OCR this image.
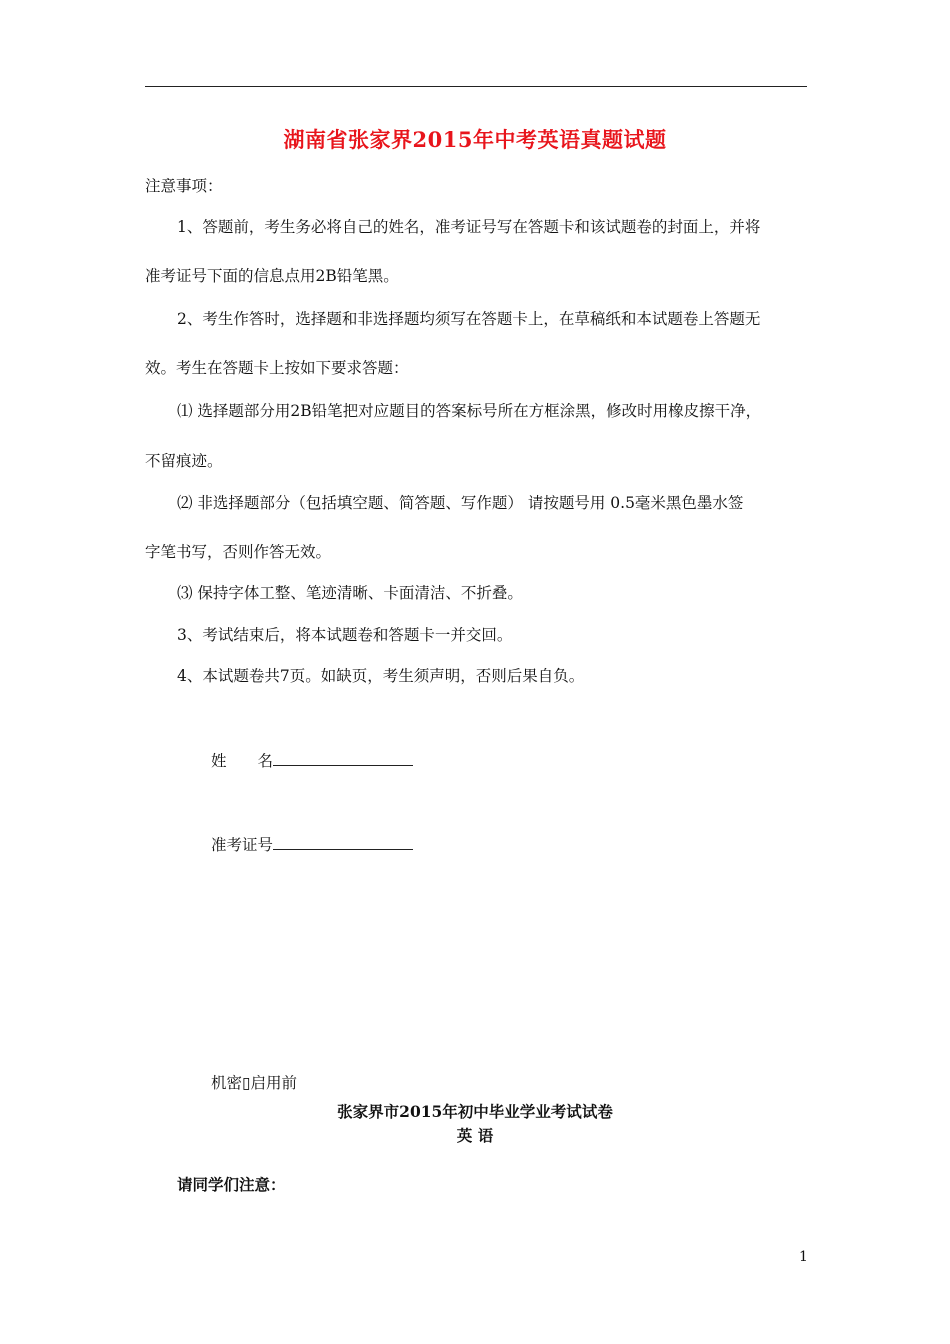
湖南省张家界2015年中考英语真题试题
注意事项：
1、答题前，考生务必将自己的姓名，准考证号写在答题卡和该试题卷的封面上，并将
准考证号下面的信息点用2B铅笔黑。
2、考生作答时，选择题和非选择题均须写在答题卡上，在草稿纸和本试题卷上答题无
效。考生在答题卡上按如下要求答题：
⑴ 选择题部分用2B铅笔把对应题目的答案标号所在方框涂黑，修改时用橡皮擦干净，
不留痕迹。
⑵ 非选择题部分（包括填空题、简答题、写作题） 请按题号用 0.5毫米黑色墨水签
字笔书写，否则作答无效。
⑶ 保持字体工整、笔迹清晰、卡面清洁、不折叠。
3、考试结束后，将本试题卷和答题卡一并交回。
4、本试题卷共7页。如缺页，考生须声明，否则后果自负。
姓　　名
准考证号
机密▯启用前
张家界市2015年初中毕业学业考试试卷
英 语
请同学们注意：
1
